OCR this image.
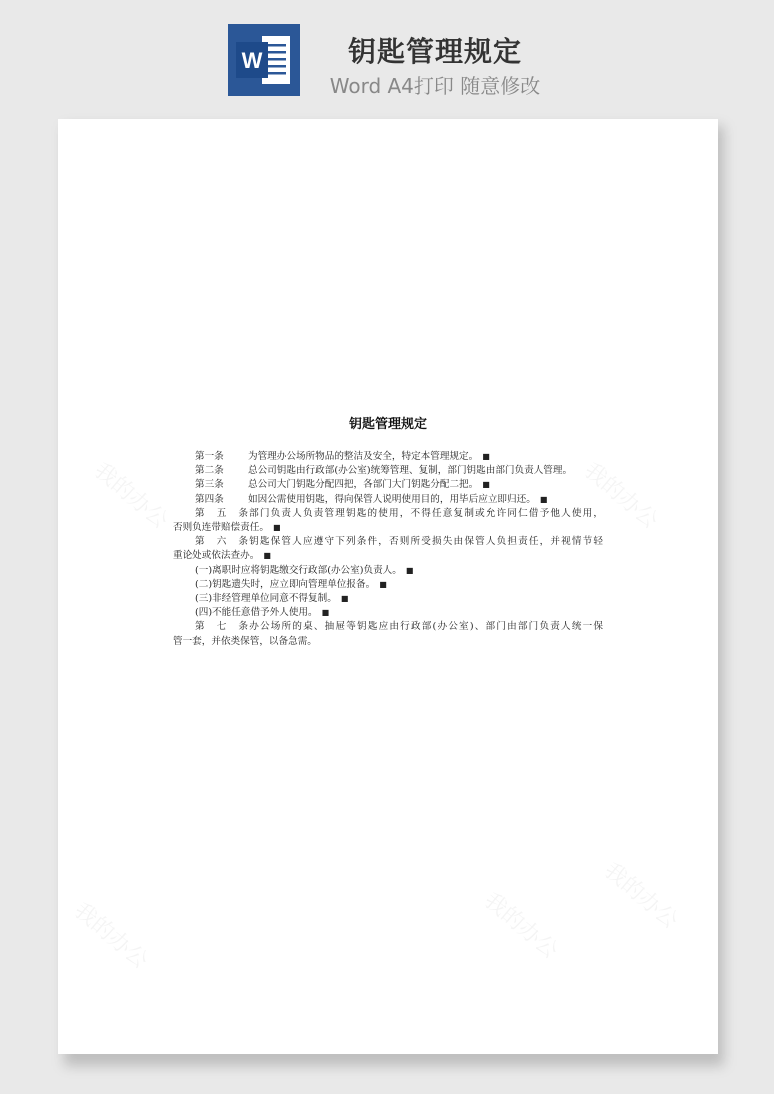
W	钥匙管理规定
Word A4打印 随意修改
钥匙管理规定

第一条	为管理办公场所物品的整洁及安全，特定本管理规定。 ■

第二条	总公司钥匙由行政部(办公室)统筹管理、复制，部门钥匙由部门负责人管理。

第三条	总公司大门钥匙分配四把，各部门大门钥匙分配二把。 ■

第四条	如因公需使用钥匙，得向保管人说明使用目的，用毕后应立即归还。 ■

第五条部门负责人负责管理钥匙的使用，不得任意复制或允许同仁借予他人使用，

否则负连带赔偿责任。 ■

第六条钥匙保管人应遵守下列条件，否则所受损失由保管人负担责任，并视情节轻

重论处或依法查办。 ■

(一)离职时应将钥匙缴交行政部(办公室)负责人。 ■

(二)钥匙遗失时，应立即向管理单位报备。 ■

(三)非经管理单位同意不得复制。 ■

(四)不能任意借予外人使用。 ■

第七条办公场所的桌、抽屉等钥匙应由行政部(办公室)、部门由部门负责人统一保

管一套，并依类保管，以备急需。
